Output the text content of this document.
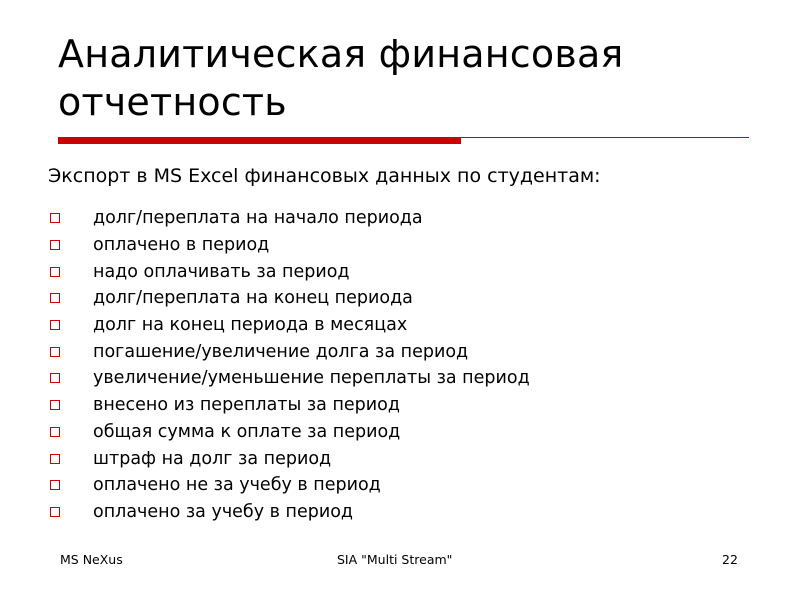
Аналитическая финансовая
отчетность
Экспорт в MS Excel финансовых данных по студентам:
долг/переплата на начало периода
оплачено в период
надо оплачивать за период
долг/переплата на конец периода
долг на конец периода в месяцах
погашение/увеличение долга за период
увеличение/уменьшение переплаты за период
внесено из переплаты за период
общая сумма к оплате за период
штраф на долг за период
оплачено не за учебу в период
оплачено за учебу в период
MS NeXus	SIA "Multi Stream"	22
